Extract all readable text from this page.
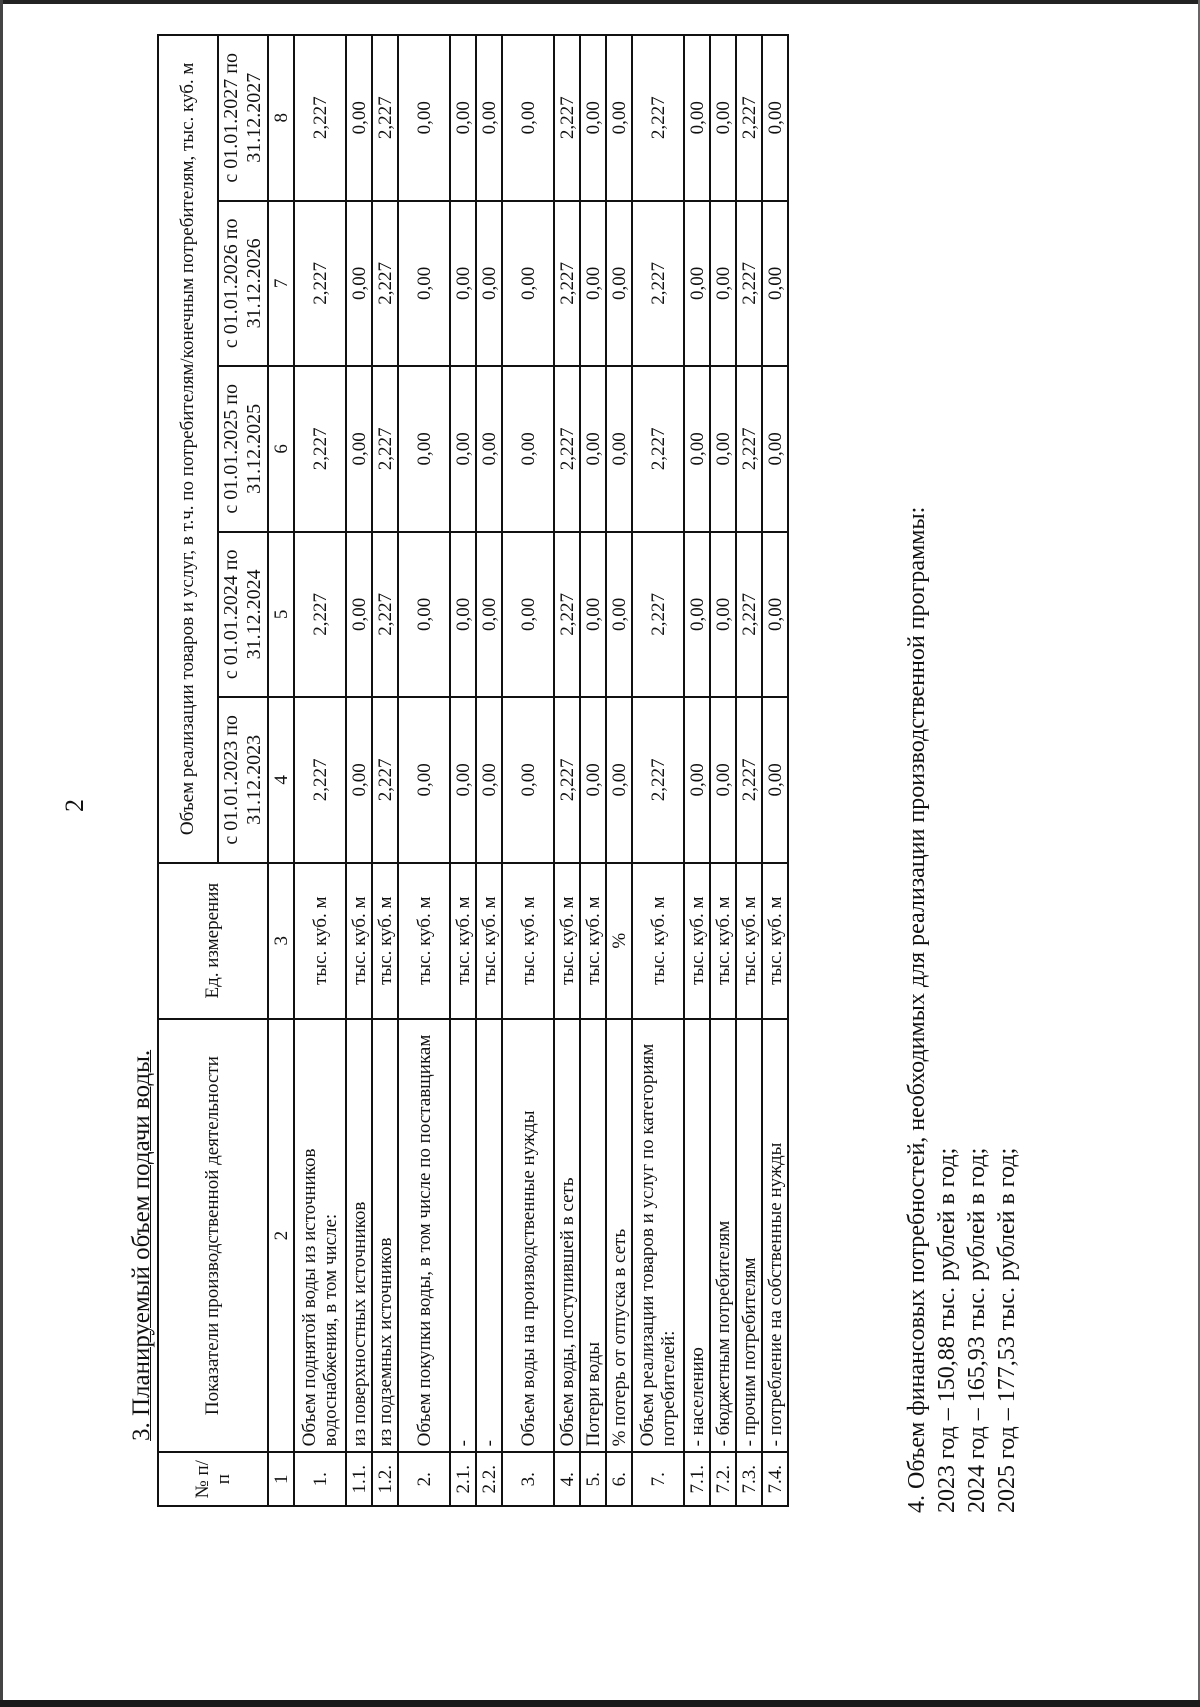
2
3. Планируемый объем подачи воды.
№ п/п	Показатели производственной деятельности	Ед. измерения	Объем реализации товаров и услуг, в т.ч. по потребителям/конечным потребителям, тыс. куб. м				
			с 01.01.2023 по 31.12.2023	с 01.01.2024 по 31.12.2024	с 01.01.2025 по 31.12.2025	с 01.01.2026 по 31.12.2026	с 01.01.2027 по 31.12.2027
1	2	3	4	5	6	7	8
1.	Объем поднятой воды из источников водоснабжения, в том числе:	тыс. куб. м	2,227	2,227	2,227	2,227	2,227
1.1.	из поверхностных источников	тыс. куб. м	0,00	0,00	0,00	0,00	0,00
1.2.	из подземных источников	тыс. куб. м	2,227	2,227	2,227	2,227	2,227
2.	Объем покупки воды, в том числе по поставщикам	тыс. куб. м	0,00	0,00	0,00	0,00	0,00
2.1.	-	тыс. куб. м	0,00	0,00	0,00	0,00	0,00
2.2.	-	тыс. куб. м	0,00	0,00	0,00	0,00	0,00
3.	Объем воды на производственные нужды	тыс. куб. м	0,00	0,00	0,00	0,00	0,00
4.	Объем воды, поступившей в сеть	тыс. куб. м	2,227	2,227	2,227	2,227	2,227
5.	Потери воды	тыс. куб. м	0,00	0,00	0,00	0,00	0,00
6.	% потерь от отпуска в сеть	%	0,00	0,00	0,00	0,00	0,00
7.	Объем реализации товаров и услуг по категориям потребителей:	тыс. куб. м	2,227	2,227	2,227	2,227	2,227
7.1.	- населению	тыс. куб. м	0,00	0,00	0,00	0,00	0,00
7.2.	- бюджетным потребителям	тыс. куб. м	0,00	0,00	0,00	0,00	0,00
7.3.	- прочим потребителям	тыс. куб. м	2,227	2,227	2,227	2,227	2,227
7.4.	- потребление на собственные нужды	тыс. куб. м	0,00	0,00	0,00	0,00	0,00
4. Объем финансовых потребностей, необходимых для реализации производственной программы: 2023 год – 150,88 тыс. рублей в год; 2024 год – 165,93 тыс. рублей в год; 2025 год – 177,53 тыс. рублей в год;
